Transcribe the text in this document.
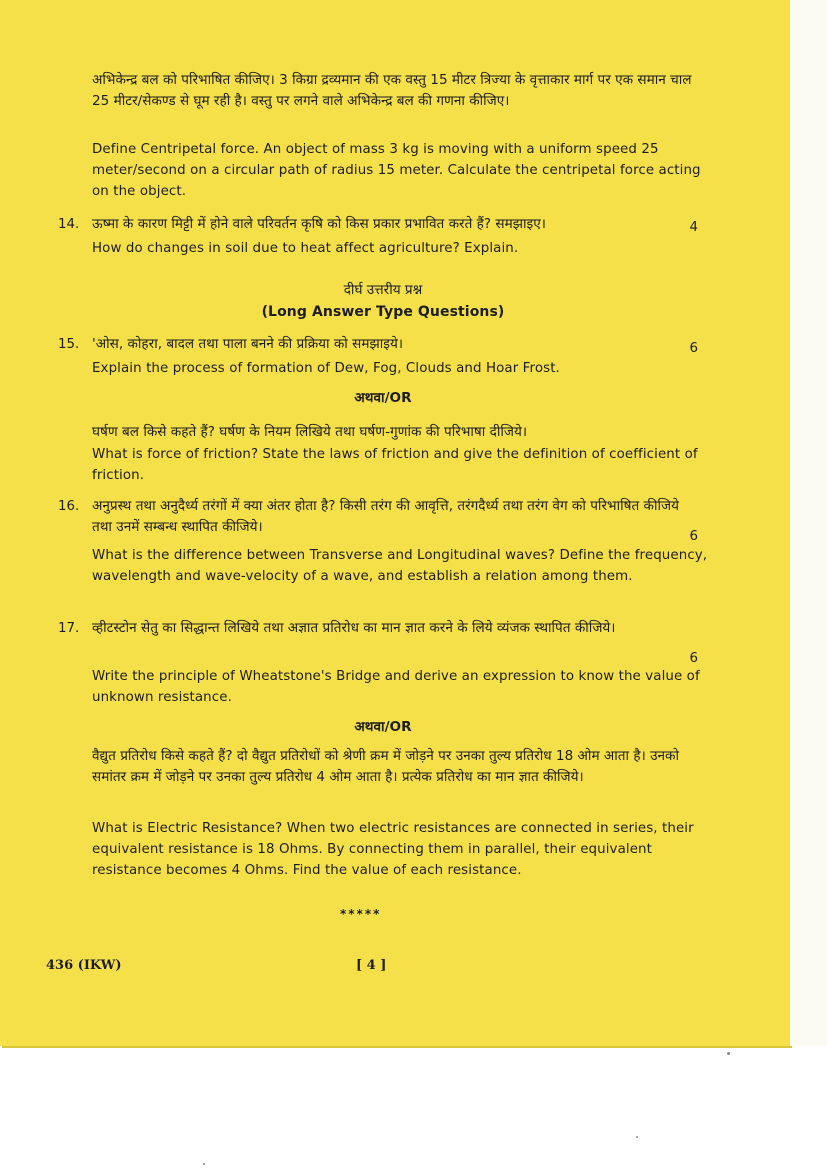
अभिकेन्द्र बल को परिभाषित कीजिए। 3 किग्रा द्रव्यमान की एक वस्तु 15 मीटर त्रिज्या के वृत्ताकार मार्ग पर एक समान चाल 25 मीटर/सेकण्ड से घूम रही है। वस्तु पर लगने वाले अभिकेन्द्र बल की गणना कीजिए।
Define Centripetal force. An object of mass 3 kg is moving with a uniform speed 25 meter/second on a circular path of radius 15 meter. Calculate the centripetal force acting on the object.
14. ऊष्मा के कारण मिट्टी में होने वाले परिवर्तन कृषि को किस प्रकार प्रभावित करते हैं? समझाइए।	4
How do changes in soil due to heat affect agriculture? Explain.
दीर्घ उत्तरीय प्रश्न
(Long Answer Type Questions)
15. 'ओस, कोहरा, बादल तथा पाला बनने की प्रक्रिया को समझाइये।	6
Explain the process of formation of Dew, Fog, Clouds and Hoar Frost.
अथवा/OR
घर्षण बल किसे कहते हैं? घर्षण के नियम लिखिये तथा घर्षण-गुणांक की परिभाषा दीजिये।
What is force of friction? State the laws of friction and give the definition of coefficient of friction.
16. अनुप्रस्थ तथा अनुदैर्ध्य तरंगों में क्या अंतर होता है? किसी तरंग की आवृत्ति, तरंगदैर्ध्य तथा तरंग वेग को परिभाषित कीजिये तथा उनमें सम्बन्ध स्थापित कीजिये।
6
What is the difference between Transverse and Longitudinal waves? Define the frequency, wavelength and wave-velocity of a wave, and establish a relation among them.
17. व्हीटस्टोन सेतु का सिद्धान्त लिखिये तथा अज्ञात प्रतिरोध का मान ज्ञात करने के लिये व्यंजक स्थापित कीजिये।
6
Write the principle of Wheatstone's Bridge and derive an expression to know the value of unknown resistance.
अथवा/OR
वैद्युत प्रतिरोध किसे कहते हैं? दो वैद्युत प्रतिरोधों को श्रेणी क्रम में जोड़ने पर उनका तुल्य प्रतिरोध 18 ओम आता है। उनको समांतर क्रम में जोड़ने पर उनका तुल्य प्रतिरोध 4 ओम आता है। प्रत्येक प्रतिरोध का मान ज्ञात कीजिये।
What is Electric Resistance? When two electric resistances are connected in series, their equivalent resistance is 18 Ohms. By connecting them in parallel, their equivalent resistance becomes 4 Ohms. Find the value of each resistance.
*****
436 (IKW)	[ 4 ]
